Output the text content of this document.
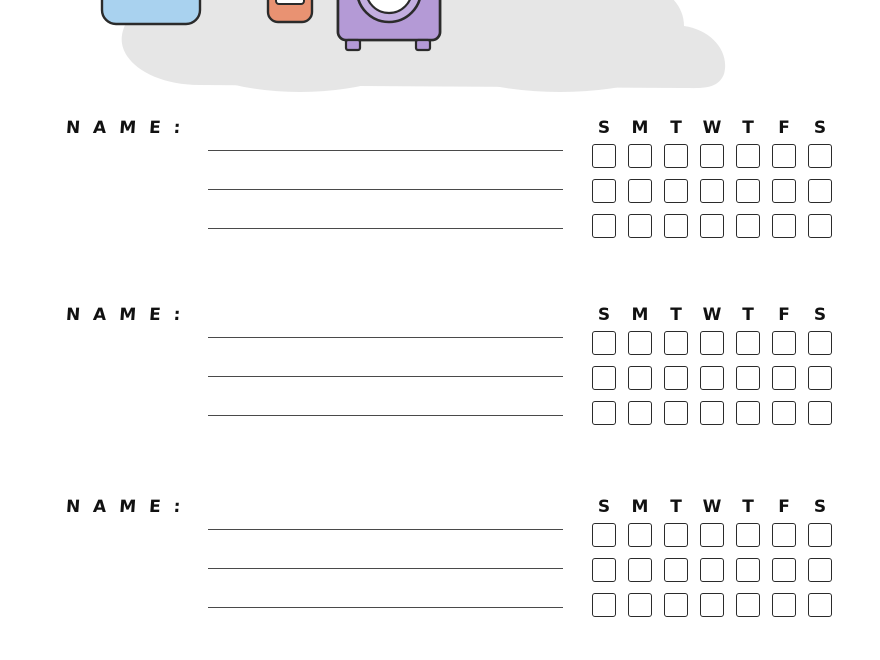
N A M E :	S	M	T	W	T	F	S
N A M E :	S	M	T	W	T	F	S
N A M E :	S	M	T	W	T	F	S
